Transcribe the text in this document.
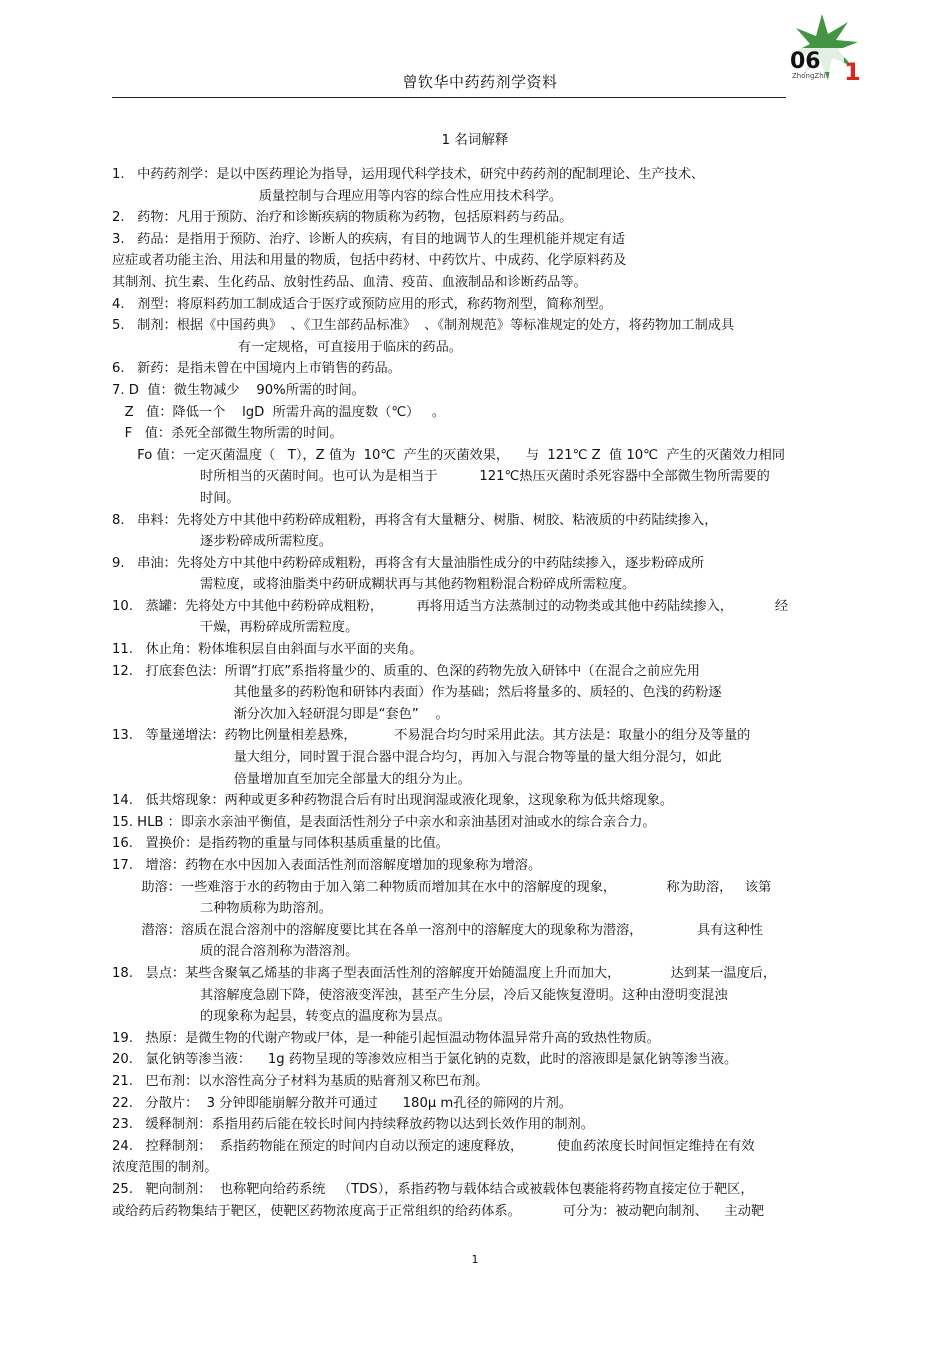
06
ZhongZhi 1
曾钦华中药药剂学资料
1 名词解释
1.   中药药剂学：是以中医药理论为指导，运用现代科学技术，研究中药药剂的配制理论、生产技术、
质量控制与合理应用等内容的综合性应用技术科学。
2.   药物：凡用于预防、治疗和诊断疾病的物质称为药物，包括原料药与药品。
3.   药品：是指用于预防、治疗、诊断人的疾病，有目的地调节人的生理机能并规定有适
应症或者功能主治、用法和用量的物质，包括中药材、中药饮片、中成药、化学原料药及
其制剂、抗生素、生化药品、放射性药品、血清、疫苗、血液制品和诊断药品等。
4.   剂型：将原料药加工制成适合于医疗或预防应用的形式，称药物剂型，简称剂型。
5.   制剂：根据《中国药典》  、《卫生部药品标准》  、《制剂规范》等标准规定的处方，将药物加工制成具
有一定规格，可直接用于临床的药品。
6.   新药：是指未曾在中国境内上市销售的药品。
7. D  值：微生物减少    90%所需的时间。
Z   值：降低一个    lgD  所需升高的温度数（℃）   。
F   值：杀死全部微生物所需的时间。
Fo 值：一定灭菌温度（   T），Z 值为  10℃  产生的灭菌效果，    与  121℃ Z  值 10℃  产生的灭菌效力相同
时所相当的灭菌时间。也可认为是相当于          121℃热压灭菌时杀死容器中全部微生物所需要的
时间。
8.   串料：先将处方中其他中药粉碎成粗粉，再将含有大量糖分、树脂、树胶、粘液质的中药陆续掺入，
逐步粉碎成所需粒度。
9.   串油：先将处方中其他中药粉碎成粗粉，再将含有大量油脂性成分的中药陆续掺入，逐步粉碎成所
需粒度，或将油脂类中药研成糊状再与其他药物粗粉混合粉碎成所需粒度。
10.   蒸罐：先将处方中其他中药粉碎成粗粉，        再将用适当方法蒸制过的动物类或其他中药陆续掺入，          经
干燥，再粉碎成所需粒度。
11.   休止角：粉体堆积层自由斜面与水平面的夹角。
12.   打底套色法：所谓“打底”系指将量少的、质重的、色深的药物先放入研钵中（在混合之前应先用
其他量多的药粉饱和研钵内表面）作为基础；然后将量多的、质轻的、色浅的药粉逐
渐分次加入轻研混匀即是“套色”    。
13.   等量递增法：药物比例量相差悬殊，         不易混合均匀时采用此法。其方法是：取量小的组分及等量的
量大组分，同时置于混合器中混合均匀，再加入与混合物等量的量大组分混匀，如此
倍量增加直至加完全部量大的组分为止。
14.   低共熔现象：两种或更多种药物混合后有时出现润湿或液化现象，这现象称为低共熔现象。
15. HLB ：即亲水亲油平衡值，是表面活性剂分子中亲水和亲油基团对油或水的综合亲合力。
16.   置换价：是指药物的重量与同体积基质重量的比值。
17.   增溶：药物在水中因加入表面活性剂而溶解度增加的现象称为增溶。
助溶：一些难溶于水的药物由于加入第二种物质而增加其在水中的溶解度的现象，            称为助溶，   该第
二种物质称为助溶剂。
潜溶：溶质在混合溶剂中的溶解度要比其在各单一溶剂中的溶解度大的现象称为潜溶，             具有这种性
质的混合溶剂称为潜溶剂。
18.   昙点：某些含聚氧乙烯基的非离子型表面活性剂的溶解度开始随温度上升而加大，            达到某一温度后，
其溶解度急剧下降，使溶液变浑浊，甚至产生分层，冷后又能恢复澄明。这种由澄明变混浊
的现象称为起昙，转变点的温度称为昙点。
19.   热原：是微生物的代谢产物或尸体，是一种能引起恒温动物体温异常升高的致热性物质。
20.   氯化钠等渗当液：    1g 药物呈现的等渗效应相当于氯化钠的克数，此时的溶液即是氯化钠等渗当液。
21.   巴布剂：以水溶性高分子材料为基质的贴膏剂又称巴布剂。
22.   分散片：  3 分钟即能崩解分散并可通过      180μ m孔径的筛网的片剂。
23.   缓释制剂：系指用药后能在较长时间内持续释放药物以达到长效作用的制剂。
24.   控释制剂：  系指药物能在预定的时间内自动以预定的速度释放，        使血药浓度长时间恒定维持在有效
浓度范围的制剂。
25.   靶向制剂：  也称靶向给药系统   （TDS），系指药物与载体结合或被载体包裹能将药物直接定位于靶区，
或给药后药物集结于靶区，使靶区药物浓度高于正常组织的给药体系。          可分为：被动靶向制剂、    主动靶
1
